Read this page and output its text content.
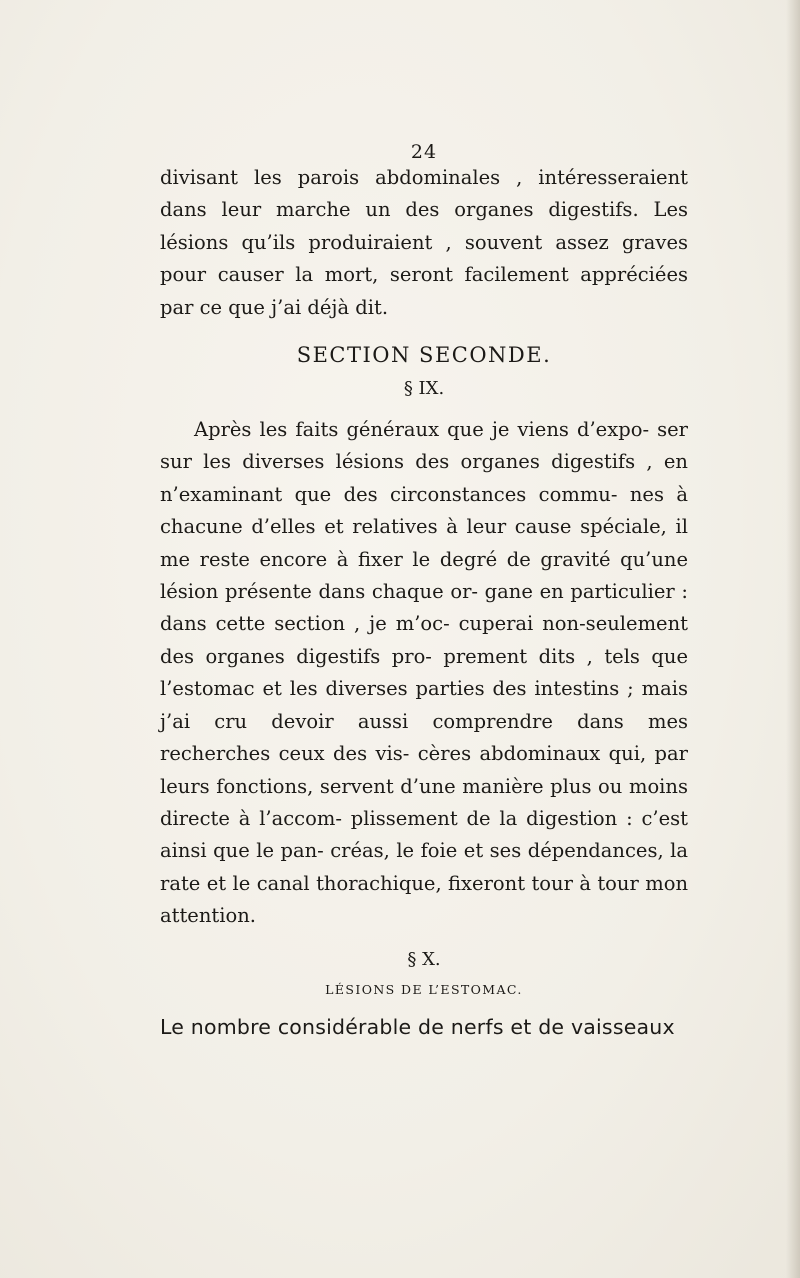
24

divisant les parois abdominales , intéresseraient dans leur marche un des organes digestifs. Les lésions qu’ils produiraient , souvent assez graves pour causer la mort, seront facilement appréciées par ce que j’ai déjà dit.

SECTION SECONDE.
§ IX.

Après les faits généraux que je viens d’expo- ser sur les diverses lésions des organes digestifs , en n’examinant que des circonstances commu- nes à chacune d’elles et relatives à leur cause spéciale, il me reste encore à fixer le degré de gravité qu’une lésion présente dans chaque or- gane en particulier : dans cette section , je m’oc- cuperai non-seulement des organes digestifs pro- prement dits , tels que l’estomac et les diverses parties des intestins ; mais j’ai cru devoir aussi comprendre dans mes recherches ceux des vis- cères abdominaux qui, par leurs fonctions, servent d’une manière plus ou moins directe à l’accom- plissement de la digestion : c’est ainsi que le pan- créas, le foie et ses dépendances, la rate et le canal thorachique, fixeront tour à tour mon attention.

§ X.
LÉSIONS DE L’ESTOMAC.

Le nombre considérable de nerfs et de vaisseaux
